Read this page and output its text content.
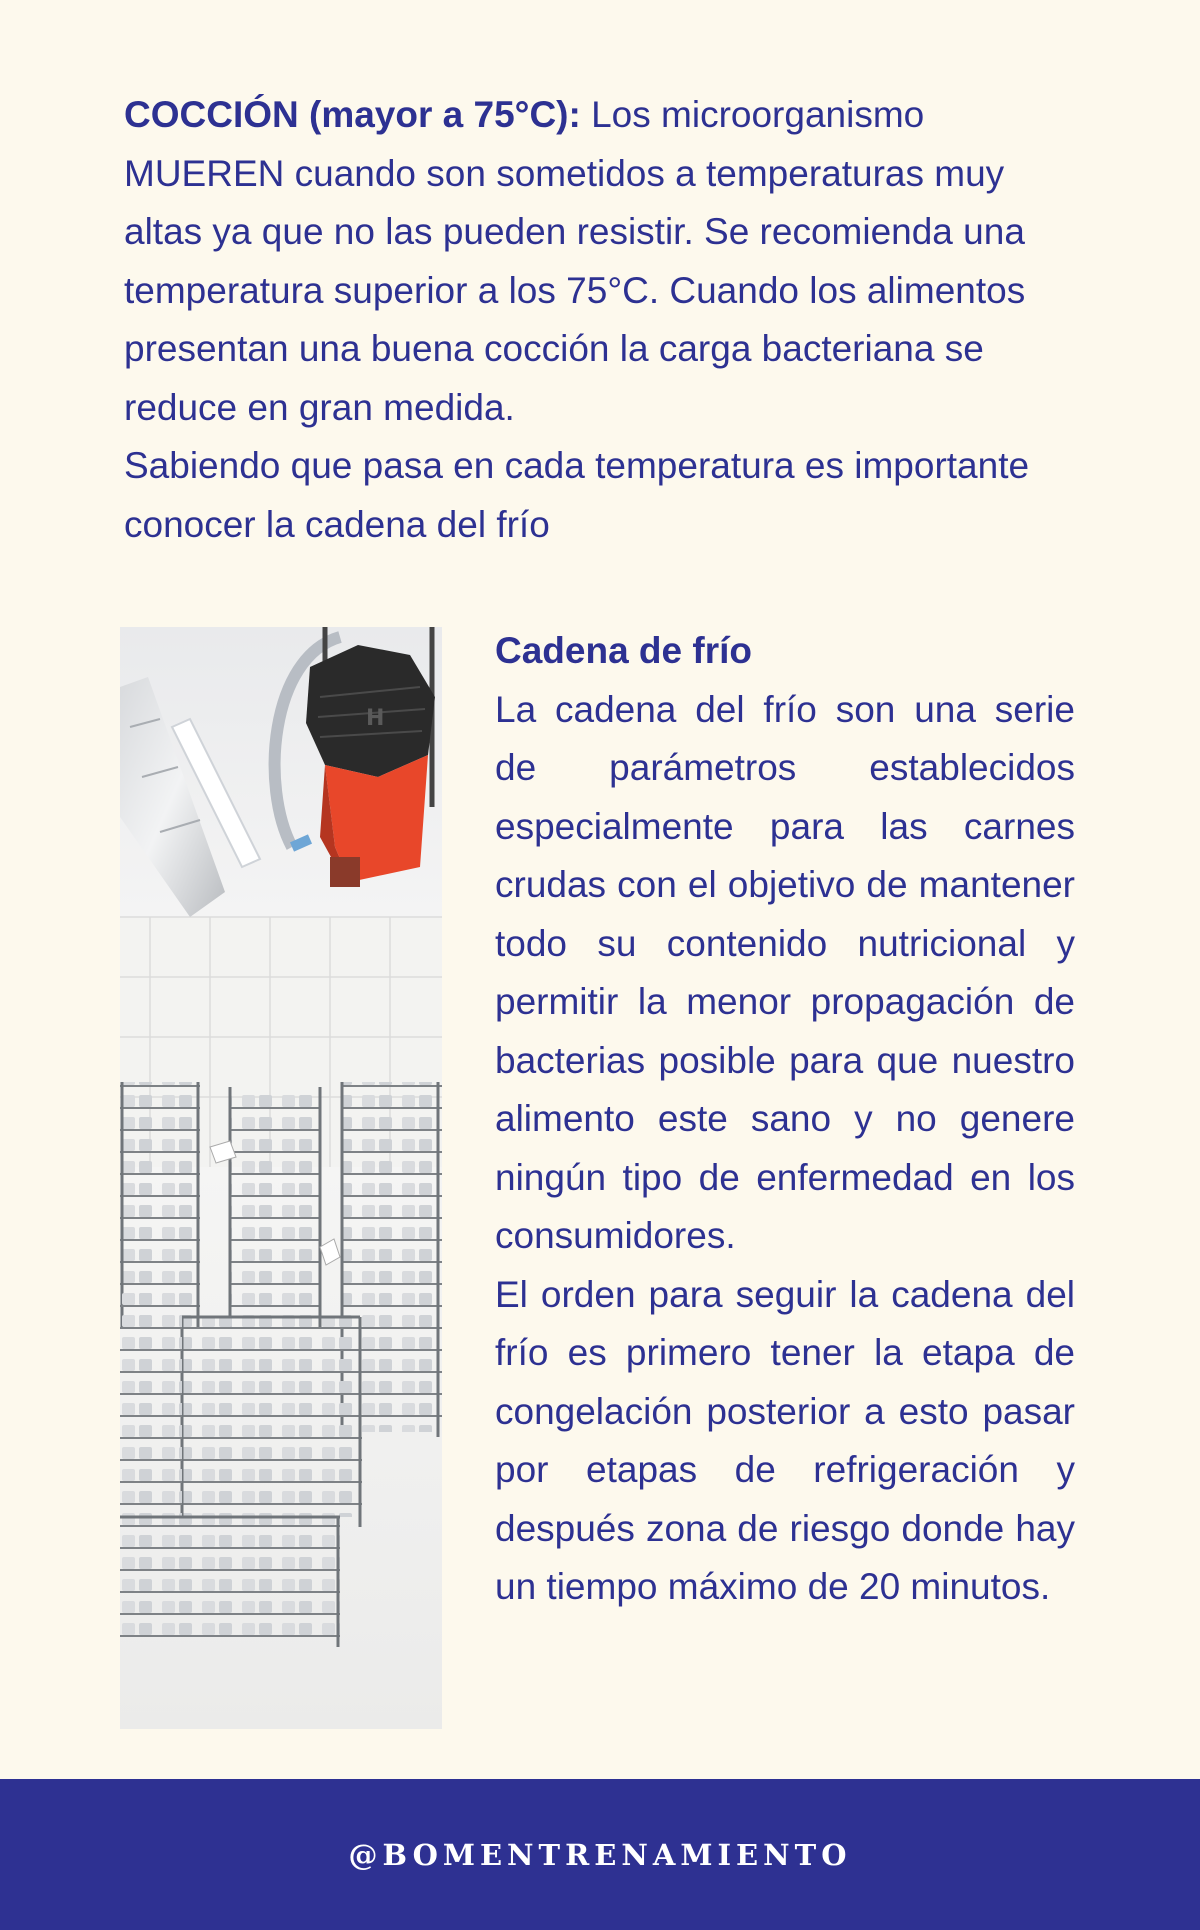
COCCIÓN (mayor a 75°C): Los microorganismo MUEREN cuando son sometidos a temperaturas muy altas ya que no las pueden resistir. Se recomienda una temperatura superior a los 75°C. Cuando los alimentos presentan una buena cocción la carga bacteriana se reduce en gran medida.

Sabiendo que pasa en cada temperatura es importante conocer la cadena del frío

H
Cadena de frío

La cadena del frío son una serie de parámetros establecidos especialmente para las carnes crudas con el objetivo de mantener todo su contenido nutricional y permitir la menor propagación de bacterias posible para que nuestro alimento este sano y no genere ningún tipo de enfermedad en los consumidores.

El orden para seguir la cadena del frío es primero tener la etapa de congelación posterior a esto pasar por etapas de refrigeración y después zona de riesgo donde hay un tiempo máximo de 20 minutos.

@BOMENTRENAMIENTO
